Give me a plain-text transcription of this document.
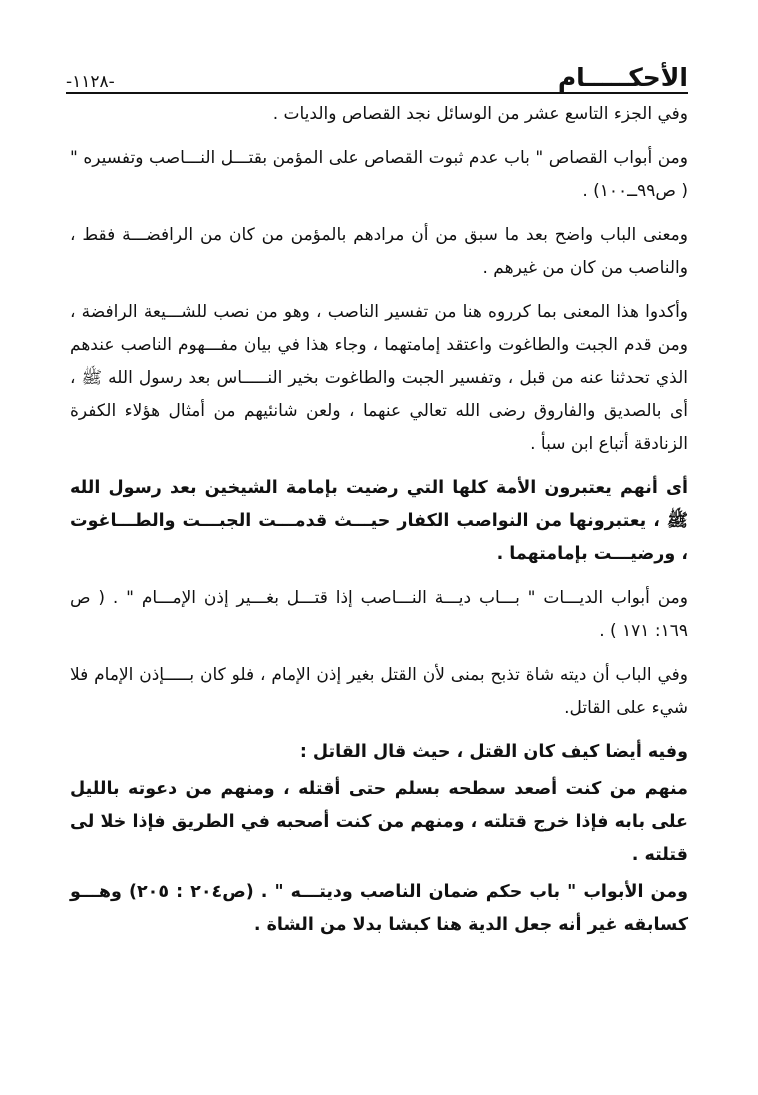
-١١٢٨-	الأحكـــــام

وفي الجزء التاسع عشر من الوسائل نجد القصاص والديات .

ومن أبواب القصاص " باب عدم ثبوت القصاص على المؤمن بقتـــل النـــاصب وتفسيره " ( ص٩٩ــ١٠٠) .

ومعنى الباب واضح بعد ما سبق من أن مرادهم بالمؤمن من كان من الرافضـــة فقط ، والناصب من كان من غيرهم .

وأكدوا هذا المعنى بما كرروه هنا من تفسير الناصب ، وهو من نصب للشـــيعة الرافضة ، ومن قدم الجبت والطاغوت واعتقد إمامتهما ، وجاء هذا في بيان مفـــهوم الناصب عندهم الذي تحدثنا عنه من قبل ، وتفسير الجبت والطاغوت بخير النـــــاس بعد رسول الله ﷺ ، أى بالصديق والفاروق رضى الله تعالي عنهما ، ولعن شانئيهم من أمثال هؤلاء الكفرة الزنادقة أتباع ابن سبأ .

أى أنهم يعتبرون الأمة كلها التي رضيت بإمامة الشيخين بعد رسول الله ﷺ ، يعتبرونها من النواصب الكفار حيـــث قدمـــت الجبـــت والطـــاغوت ، ورضيـــت بإمامتهما .

ومن أبواب الديـــات " بـــاب ديـــة النـــاصب إذا قتـــل بغـــير إذن الإمـــام " . ( ص ١٦٩: ١٧١ ) .

وفي الباب أن ديته شاة تذبح بمنى لأن القتل بغير إذن الإمام ، فلو كان بـــــإذن الإمام فلا شيء على القاتل.

وفيه أيضا كيف كان القتل ، حيث قال القاتل :

منهم من كنت أصعد سطحه بسلم حتى أقتله ، ومنهم من دعوته بالليل على بابه فإذا خرج قتلته ، ومنهم من كنت أصحبه في الطريق فإذا خلا لى قتلته .

ومن الأبواب " باب حكم ضمان الناصب وديتـــه " . (ص٢٠٤ : ٢٠٥) وهـــو كسابقه غير أنه جعل الدية هنا كبشا بدلا من الشاة .
